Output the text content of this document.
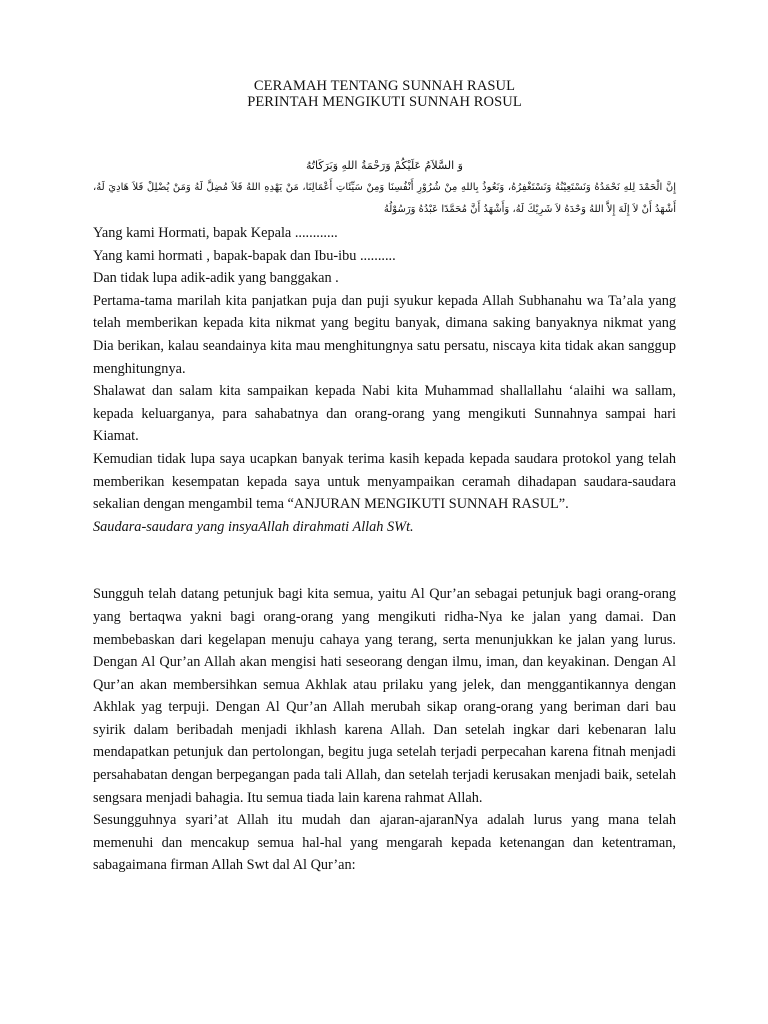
CERAMAH TENTANG SUNNAH RASUL
PERINTAH MENGIKUTI SUNNAH ROSUL
وَ السَّلاَمُ عَلَيْكُمْ وَرَحْمَةُ اللهِ وَبَرَكَاتُهُ
إِنَّ الْحَمْدَ لِلهِ نَحْمَدُهُ وَنَسْتَعِيْنُهُ وَنَسْتَغْفِرُهُ، وَنَعُوذُ بِاللهِ مِنْ شُرُوْرِ أَنْفُسِنَا وَمِنْ سَيِّئَاتِ أَعْمَالِنَا، مَنْ يَهْدِهِ اللهُ فَلاَ مُضِلَّ لَهُ وَمَنْ يُضْلِلْ فَلاَ هَادِيَ لَهُ، أَشْهَدُ أَنْ لاَ إِلَهَ إِلاَّ اللهُ وَحْدَهُ لاَ شَرِيْكَ لَهُ، وَأَشْهَدُ أَنَّ مُحَمَّدًا عَبْدُهُ وَرَسُوْلُهُ

Yang kami Hormati, bapak Kepala ............

Yang kami hormati , bapak-bapak dan Ibu-ibu ..........

Dan tidak lupa adik-adik yang banggakan .

Pertama-tama marilah kita panjatkan puja dan puji syukur kepada Allah Subhanahu wa Ta’ala yang telah memberikan kepada kita nikmat yang begitu banyak, dimana saking banyaknya nikmat yang Dia berikan, kalau seandainya kita mau menghitungnya satu persatu, niscaya kita tidak akan sanggup menghitungnya.

Shalawat dan salam kita sampaikan kepada Nabi kita Muhammad shallallahu ‘alaihi wa sallam, kepada keluarganya, para sahabatnya dan orang-orang yang mengikuti Sunnahnya sampai hari Kiamat.

Kemudian tidak lupa saya ucapkan banyak terima kasih kepada kepada saudara protokol yang telah memberikan kesempatan kepada saya untuk menyampaikan ceramah dihadapan saudara-saudara sekalian dengan mengambil tema “ANJURAN MENGIKUTI SUNNAH RASUL”.

Saudara-saudara yang insyaAllah dirahmati Allah SWt.

Sungguh telah datang petunjuk bagi kita semua, yaitu Al Qur’an sebagai petunjuk bagi orang-orang yang bertaqwa yakni bagi orang-orang yang mengikuti ridha-Nya ke jalan yang damai. Dan membebaskan dari kegelapan menuju cahaya yang terang, serta menunjukkan ke jalan yang lurus. Dengan Al Qur’an Allah akan mengisi hati seseorang dengan ilmu, iman, dan keyakinan. Dengan Al Qur’an akan membersihkan semua Akhlak atau prilaku yang jelek, dan menggantikannya dengan Akhlak yag terpuji. Dengan Al Qur’an Allah merubah sikap orang-orang yang beriman dari bau syirik dalam beribadah menjadi ikhlash karena Allah. Dan setelah ingkar dari kebenaran lalu mendapatkan petunjuk dan pertolongan, begitu juga setelah terjadi perpecahan karena fitnah menjadi persahabatan dengan berpegangan pada tali Allah, dan setelah terjadi kerusakan menjadi baik, setelah sengsara menjadi bahagia. Itu semua tiada lain karena rahmat Allah.

Sesungguhnya syari’at Allah itu mudah dan ajaran-ajaranNya adalah lurus yang mana telah memenuhi dan mencakup semua hal-hal yang mengarah kepada ketenangan dan ketentraman, sabagaimana firman Allah Swt dal Al Qur’an:
